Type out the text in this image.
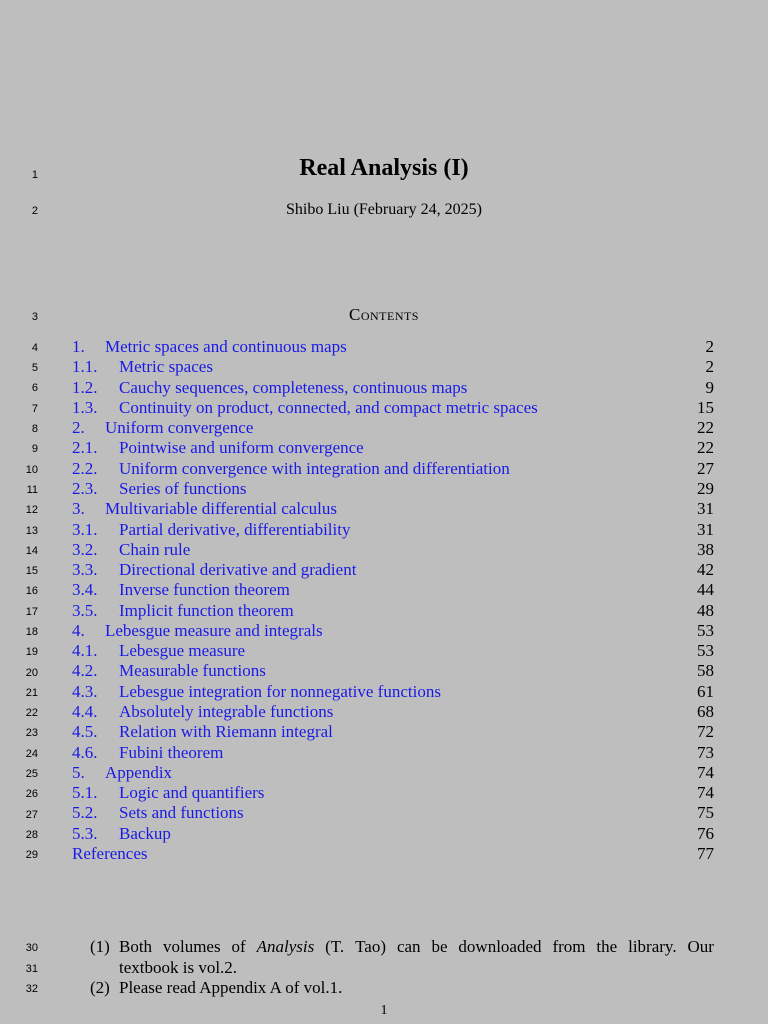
1
2
3
4
5
6
7
8
9
10
11
12
13
14
15
16
17
18
19
20
21
22
23
24
25
26
27
28
29
30
31
32
Real Analysis (I)
Shibo Liu (February 24, 2025)
Contents
1. Metric spaces and continuous maps	2
1.1. Metric spaces	2
1.2. Cauchy sequences, completeness, continuous maps	9
1.3. Continuity on product, connected, and compact metric spaces	15
2. Uniform convergence	22
2.1. Pointwise and uniform convergence	22
2.2. Uniform convergence with integration and differentiation	27
2.3. Series of functions	29
3. Multivariable differential calculus	31
3.1. Partial derivative, differentiability	31
3.2. Chain rule	38
3.3. Directional derivative and gradient	42
3.4. Inverse function theorem	44
3.5. Implicit function theorem	48
4. Lebesgue measure and integrals	53
4.1. Lebesgue measure	53
4.2. Measurable functions	58
4.3. Lebesgue integration for nonnegative functions	61
4.4. Absolutely integrable functions	68
4.5. Relation with Riemann integral	72
4.6. Fubini theorem	73
5. Appendix	74
5.1. Logic and quantifiers	74
5.2. Sets and functions	75
5.3. Backup	76
References	77
(1) Both volumes of Analysis (T. Tao) can be downloaded from the library. Our
textbook is vol.2.
(2) Please read Appendix A of vol.1.
1
